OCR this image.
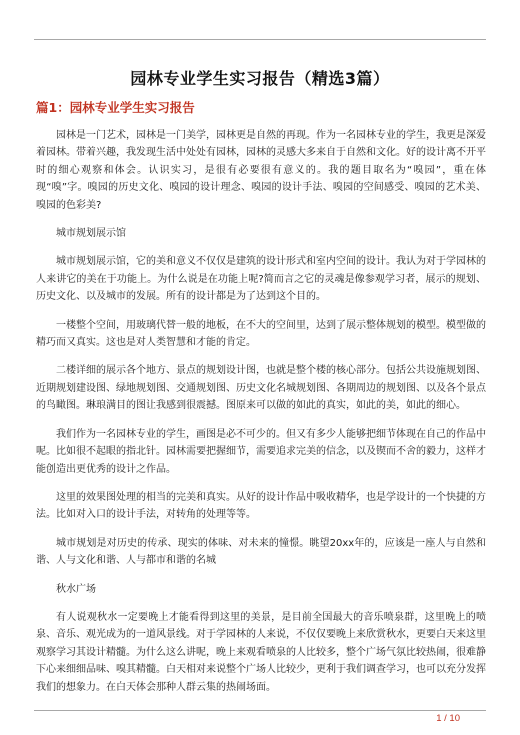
园林专业学生实习报告（精选3篇）
篇1：园林专业学生实习报告

园林是一门艺术，园林是一门美学，园林更是自然的再现。作为一名园林专业的学生，我更是深爱着园林。带着兴趣，我发现生活中处处有园林，园林的灵感大多来自于自然和文化。好的设计离不开平时的细心观察和体会。认识实习，是很有必要很有意义的。我的题目取名为“嗅园”，重在体现“嗅”字。嗅园的历史文化、嗅园的设计理念、嗅园的设计手法、嗅园的空间感受、嗅园的艺术美、嗅园的色彩美?

城市规划展示馆

城市规划展示馆，它的美和意义不仅仅是建筑的设计形式和室内空间的设计。我认为对于学园林的人来讲它的美在于功能上。为什么说是在功能上呢?简而言之它的灵魂是像参观学习者，展示的规划、历史文化、以及城市的发展。所有的设计都是为了达到这个目的。

一楼整个空间，用玻璃代替一般的地板，在不大的空间里，达到了展示整体规划的模型。模型做的精巧而又真实。这也是对人类智慧和才能的肯定。

二楼详细的展示各个地方、景点的规划设计图，也就是整个楼的核心部分。包括公共设施规划图、近期规划建设图、绿地规划图、交通规划图、历史文化名城规划图、各期周边的规划图、以及各个景点的鸟瞰图。琳琅满目的图让我感到很震撼。图原来可以做的如此的真实，如此的美，如此的细心。

我们作为一名园林专业的学生，画图是必不可少的。但又有多少人能够把细节体现在自己的作品中呢。比如很不起眼的指北针。园林需要把握细节，需要追求完美的信念，以及锲而不舍的毅力，这样才能创造出更优秀的设计之作品。

这里的效果图处理的相当的完美和真实。从好的设计作品中吸收精华，也是学设计的一个快捷的方法。比如对入口的设计手法，对转角的处理等等。

城市规划是对历史的传承、现实的体味、对未来的憧憬。眺望20xx年的，应该是一座人与自然和谐、人与文化和谐、人与都市和谐的名城

秋水广场

有人说观秋水一定要晚上才能看得到这里的美景，是目前全国最大的音乐喷泉群，这里晚上的喷泉、音乐、观光成为的一道风景线。对于学园林的人来说，不仅仅要晚上来欣赏秋水，更要白天来这里观察学习其设计精髓。为什么这么讲呢，晚上来观看喷泉的人比较多，整个广场气氛比较热闹，很难静下心来细细品味、嗅其精髓。白天相对来说整个广场人比较少，更利于我们调查学习，也可以充分发挥我们的想象力。在白天体会那种人群云集的热闹场面。

1 / 10
